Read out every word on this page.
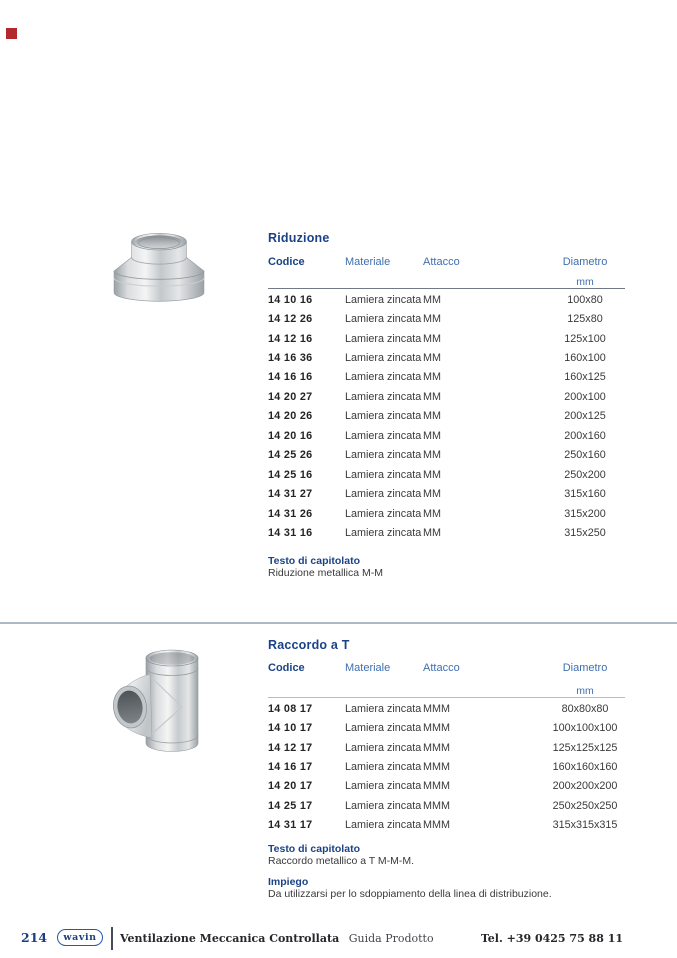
Riduzione
Codice	Materiale	Attacco	Diametro
mm
14 10 16	Lamiera zincata MM	100x80
14 12 26	Lamiera zincata MM	125x80
14 12 16	Lamiera zincata MM	125x100
14 16 36	Lamiera zincata MM	160x100
14 16 16	Lamiera zincata MM	160x125
14 20 27	Lamiera zincata MM	200x100
14 20 26	Lamiera zincata MM	200x125
14 20 16	Lamiera zincata MM	200x160
14 25 26	Lamiera zincata MM	250x160
14 25 16	Lamiera zincata MM	250x200
14 31 27	Lamiera zincata MM	315x160
14 31 26	Lamiera zincata MM	315x200
14 31 16	Lamiera zincata MM	315x250
Testo di capitolato
Riduzione metallica M-M
Raccordo a T
Codice	Materiale	Attacco	Diametro
mm
14 08 17	Lamiera zincata MMM	80x80x80
14 10 17	Lamiera zincata MMM	100x100x100
14 12 17	Lamiera zincata MMM	125x125x125
14 16 17	Lamiera zincata MMM	160x160x160
14 20 17	Lamiera zincata MMM	200x200x200
14 25 17	Lamiera zincata MMM	250x250x250
14 31 17	Lamiera zincata MMM	315x315x315
Testo di capitolato
Raccordo metallico a T M-M-M.
Impiego
Da utilizzarsi per lo sdoppiamento della linea di distribuzione.
214 wavin Ventilazione Meccanica Controllata Guida Prodotto	Tel. +39 0425 75 88 11
